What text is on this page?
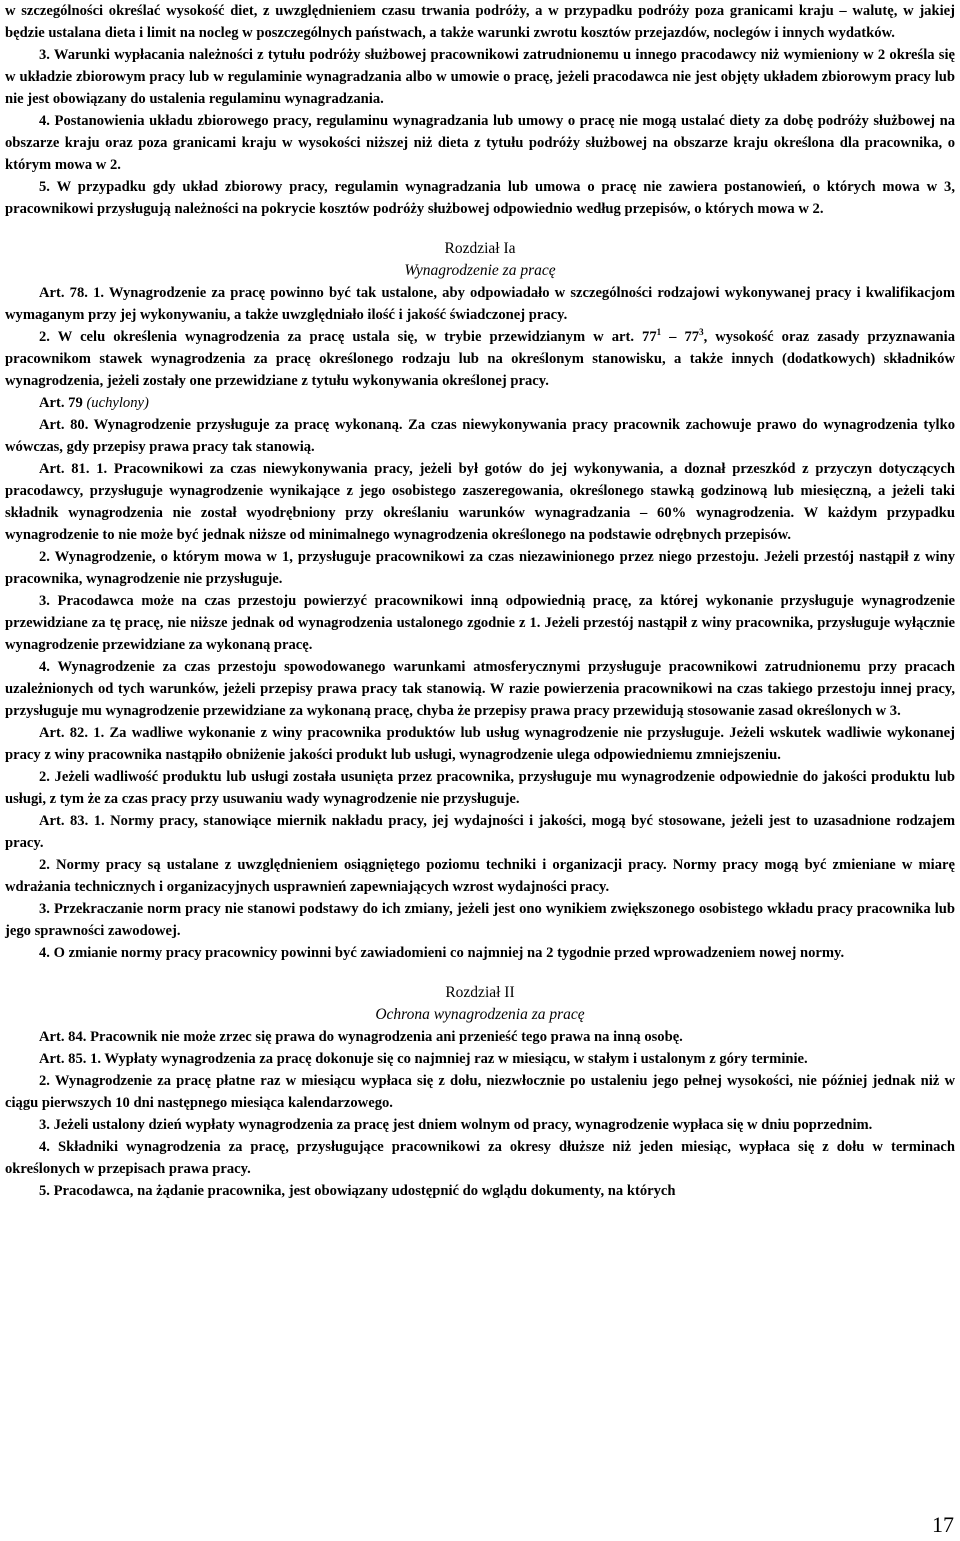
w szczególności określać wysokość diet, z uwzględnieniem czasu trwania podróży, a w przypadku podróży poza granicami kraju – walutę, w jakiej będzie ustalana dieta i limit na nocleg w poszczególnych państwach, a także warunki zwrotu kosztów przejazdów, noclegów i innych wydatków.

3. Warunki wypłacania należności z tytułu podróży służbowej pracownikowi zatrudnionemu u innego pracodawcy niż wymieniony w 2 określa się w układzie zbiorowym pracy lub w regulaminie wynagradzania albo w umowie o pracę, jeżeli pracodawca nie jest objęty układem zbiorowym pracy lub nie jest obowiązany do ustalenia regulaminu wynagradzania.

4. Postanowienia układu zbiorowego pracy, regulaminu wynagradzania lub umowy o pracę nie mogą ustalać diety za dobę podróży służbowej na obszarze kraju oraz poza granicami kraju w wysokości niższej niż dieta z tytułu podróży służbowej na obszarze kraju określona dla pracownika, o którym mowa w 2.

5. W przypadku gdy układ zbiorowy pracy, regulamin wynagradzania lub umowa o pracę nie zawiera postanowień, o których mowa w 3, pracownikowi przysługują należności na pokrycie kosztów podróży służbowej odpowiednio według przepisów, o których mowa w 2.

Rozdział Ia

Wynagrodzenie za pracę

Art. 78. 1. Wynagrodzenie za pracę powinno być tak ustalone, aby odpowiadało w szczególności rodzajowi wykonywanej pracy i kwalifikacjom wymaganym przy jej wykonywaniu, a także uwzględniało ilość i jakość świadczonej pracy.

2. W celu określenia wynagrodzenia za pracę ustala się, w trybie przewidzianym w art. $77^1 - 77^3$, wysokość oraz zasady przyznawania pracownikom stawek wynagrodzenia za pracę określonego rodzaju lub na określonym stanowisku, a także innych (dodatkowych) składników wynagrodzenia, jeżeli zostały one przewidziane z tytułu wykonywania określonej pracy.

Art. 79 (uchylony)

Art. 80. Wynagrodzenie przysługuje za pracę wykonaną. Za czas niewykonywania pracy pracownik zachowuje prawo do wynagrodzenia tylko wówczas, gdy przepisy prawa pracy tak stanowią.

Art. 81. 1. Pracownikowi za czas niewykonywania pracy, jeżeli był gotów do jej wykonywania, a doznał przeszkód z przyczyn dotyczących pracodawcy, przysługuje wynagrodzenie wynikające z jego osobistego zaszeregowania, określonego stawką godzinową lub miesięczną, a jeżeli taki składnik wynagrodzenia nie został wyodrębniony przy określaniu warunków wynagradzania – 60% wynagrodzenia. W każdym przypadku wynagrodzenie to nie może być jednak niższe od minimalnego wynagrodzenia określonego na podstawie odrębnych przepisów.

2. Wynagrodzenie, o którym mowa w 1, przysługuje pracownikowi za czas niezawinionego przez niego przestoju. Jeżeli przestój nastąpił z winy pracownika, wynagrodzenie nie przysługuje.

3. Pracodawca może na czas przestoju powierzyć pracownikowi inną odpowiednią pracę, za której wykonanie przysługuje wynagrodzenie przewidziane za tę pracę, nie niższe jednak od wynagrodzenia ustalonego zgodnie z 1. Jeżeli przestój nastąpił z winy pracownika, przysługuje wyłącznie wynagrodzenie przewidziane za wykonaną pracę.

4. Wynagrodzenie za czas przestoju spowodowanego warunkami atmosferycznymi przysługuje pracownikowi zatrudnionemu przy pracach uzależnionych od tych warunków, jeżeli przepisy prawa pracy tak stanowią. W razie powierzenia pracownikowi na czas takiego przestoju innej pracy, przysługuje mu wynagrodzenie przewidziane za wykonaną pracę, chyba że przepisy prawa pracy przewidują stosowanie zasad określonych w 3.

Art. 82. 1. Za wadliwe wykonanie z winy pracownika produktów lub usług wynagrodzenie nie przysługuje. Jeżeli wskutek wadliwie wykonanej pracy z winy pracownika nastąpiło obniżenie jakości produkt lub usługi, wynagrodzenie ulega odpowiedniemu zmniejszeniu.

2. Jeżeli wadliwość produktu lub usługi została usunięta przez pracownika, przysługuje mu wynagrodzenie odpowiednie do jakości produktu lub usługi, z tym że za czas pracy przy usuwaniu wady wynagrodzenie nie przysługuje.

Art. 83. 1. Normy pracy, stanowiące miernik nakładu pracy, jej wydajności i jakości, mogą być stosowane, jeżeli jest to uzasadnione rodzajem pracy.

2. Normy pracy są ustalane z uwzględnieniem osiągniętego poziomu techniki i organizacji pracy. Normy pracy mogą być zmieniane w miarę wdrażania technicznych i organizacyjnych usprawnień zapewniających wzrost wydajności pracy.

3. Przekraczanie norm pracy nie stanowi podstawy do ich zmiany, jeżeli jest ono wynikiem zwiększonego osobistego wkładu pracy pracownika lub jego sprawności zawodowej.

4. O zmianie normy pracy pracownicy powinni być zawiadomieni co najmniej na 2 tygodnie przed wprowadzeniem nowej normy.

Rozdział II

Ochrona wynagrodzenia za pracę

Art. 84. Pracownik nie może zrzec się prawa do wynagrodzenia ani przenieść tego prawa na inną osobę.

Art. 85. 1. Wypłaty wynagrodzenia za pracę dokonuje się co najmniej raz w miesiącu, w stałym i ustalonym z góry terminie.

2. Wynagrodzenie za pracę płatne raz w miesiącu wypłaca się z dołu, niezwłocznie po ustaleniu jego pełnej wysokości, nie później jednak niż w ciągu pierwszych 10 dni następnego miesiąca kalendarzowego.

3. Jeżeli ustalony dzień wypłaty wynagrodzenia za pracę jest dniem wolnym od pracy, wynagrodzenie wypłaca się w dniu poprzednim.

4. Składniki wynagrodzenia za pracę, przysługujące pracownikowi za okresy dłuższe niż jeden miesiąc, wypłaca się z dołu w terminach określonych w przepisach prawa pracy.

5. Pracodawca, na żądanie pracownika, jest obowiązany udostępnić do wglądu dokumenty, na których

17
